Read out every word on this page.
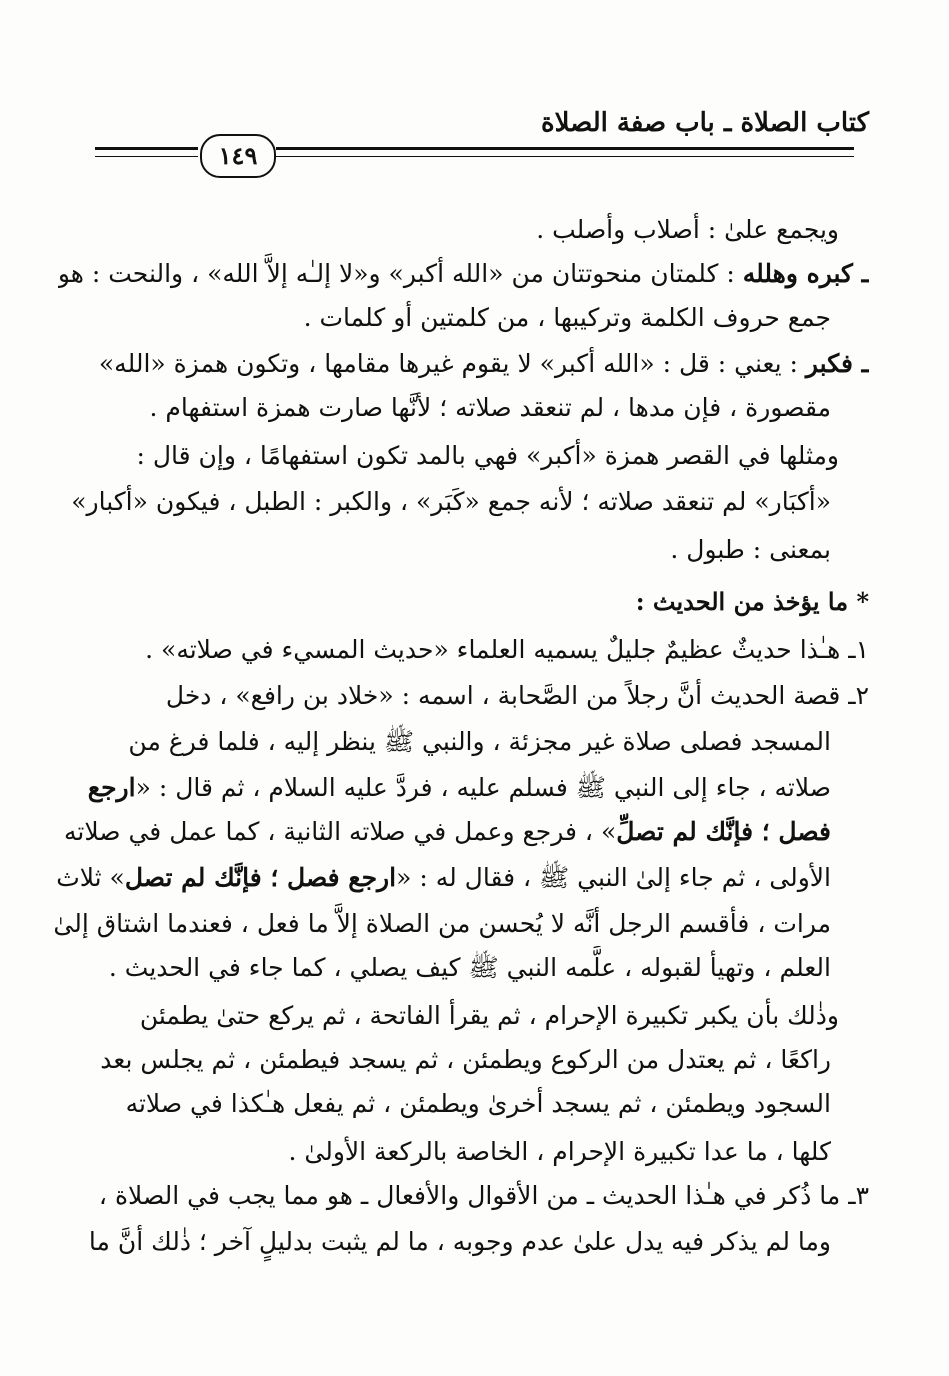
كتاب الصلاة ـ باب صفة الصلاة
١٤٩
ويجمع علىٰ : أصلاب وأصلب .
ـ كبره وهلله : كلمتان منحوتتان من «الله أكبر» و«لا إلـٰه إلاَّ الله» ، والنحت : هو
جمع حروف الكلمة وتركيبها ، من كلمتين أو كلمات .
ـ فكبر : يعني : قل : «الله أكبر» لا يقوم غيرها مقامها ، وتكون همزة «الله»
مقصورة ، فإن مدها ، لم تنعقد صلاته ؛ لأنَّها صارت همزة استفهام .
ومثلها في القصر همزة «أكبر» فهي بالمد تكون استفهامًا ، وإن قال :
«أكبَار» لم تنعقد صلاته ؛ لأنه جمع «كَبَر» ، والكبر : الطبل ، فيكون «أكبار»
بمعنى : طبول .
* ما يؤخذ من الحديث :
١ـ هـٰذا حديثٌ عظيمٌ جليلٌ يسميه العلماء «حديث المسيء في صلاته» .
٢ـ قصة الحديث أنَّ رجلاً من الصَّحابة ، اسمه : «خلاد بن رافع» ، دخل
المسجد فصلى صلاة غير مجزئة ، والنبي ﷺ ينظر إليه ، فلما فرغ من
صلاته ، جاء إلى النبي ﷺ فسلم عليه ، فردَّ عليه السلام ، ثم قال : «ارجع
فصل ؛ فإنَّك لم تصلِّ» ، فرجع وعمل في صلاته الثانية ، كما عمل في صلاته
الأولى ، ثم جاء إلىٰ النبي ﷺ ، فقال له : «ارجع فصل ؛ فإنَّك لم تصل» ثلاث
مرات ، فأقسم الرجل أنَّه لا يُحسن من الصلاة إلاَّ ما فعل ، فعندما اشتاق إلىٰ
العلم ، وتهيأ لقبوله ، علَّمه النبي ﷺ كيف يصلي ، كما جاء في الحديث .
وذٰلك بأن يكبر تكبيرة الإحرام ، ثم يقرأ الفاتحة ، ثم يركع حتىٰ يطمئن
راكعًا ، ثم يعتدل من الركوع ويطمئن ، ثم يسجد فيطمئن ، ثم يجلس بعد
السجود ويطمئن ، ثم يسجد أخرىٰ ويطمئن ، ثم يفعل هـٰكذا في صلاته
كلها ، ما عدا تكبيرة الإحرام ، الخاصة بالركعة الأولىٰ .
٣ـ ما ذُكر في هـٰذا الحديث ـ من الأقوال والأفعال ـ هو مما يجب في الصلاة ،
وما لم يذكر فيه يدل علىٰ عدم وجوبه ، ما لم يثبت بدليلٍ آخر ؛ ذٰلك أنَّ ما
